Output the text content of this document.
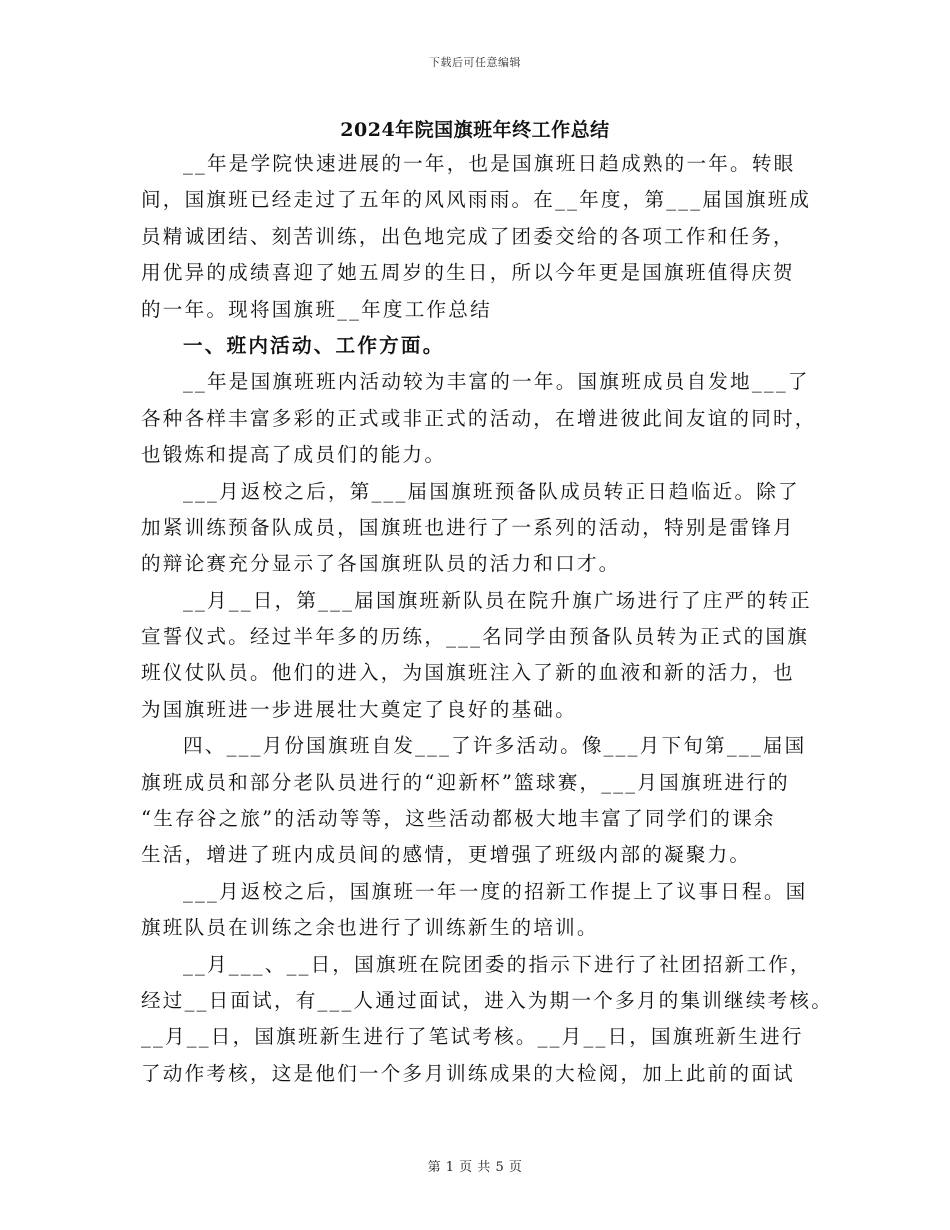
下载后可任意编辑
2024年院国旗班年终工作总结
__年是学院快速进展的一年，也是国旗班日趋成熟的一年。转眼
间，国旗班已经走过了五年的风风雨雨。在__年度，第___届国旗班成
员精诚团结、刻苦训练，出色地完成了团委交给的各项工作和任务，
用优异的成绩喜迎了她五周岁的生日，所以今年更是国旗班值得庆贺
的一年。现将国旗班__年度工作总结
一、班内活动、工作方面。
__年是国旗班班内活动较为丰富的一年。国旗班成员自发地___了
各种各样丰富多彩的正式或非正式的活动，在增进彼此间友谊的同时，
也锻炼和提高了成员们的能力。
___月返校之后，第___届国旗班预备队成员转正日趋临近。除了
加紧训练预备队成员，国旗班也进行了一系列的活动，特别是雷锋月
的辩论赛充分显示了各国旗班队员的活力和口才。
__月__日，第___届国旗班新队员在院升旗广场进行了庄严的转正
宣誓仪式。经过半年多的历练，___名同学由预备队员转为正式的国旗
班仪仗队员。他们的进入，为国旗班注入了新的血液和新的活力，也
为国旗班进一步进展壮大奠定了良好的基础。
四、___月份国旗班自发___了许多活动。像___月下旬第___届国
旗班成员和部分老队员进行的“迎新杯”篮球赛，___月国旗班进行的
“生存谷之旅”的活动等等，这些活动都极大地丰富了同学们的课余
生活，增进了班内成员间的感情，更增强了班级内部的凝聚力。
___月返校之后，国旗班一年一度的招新工作提上了议事日程。国
旗班队员在训练之余也进行了训练新生的培训。
__月___、__日，国旗班在院团委的指示下进行了社团招新工作，
经过__日面试，有___人通过面试，进入为期一个多月的集训继续考核。
__月__日，国旗班新生进行了笔试考核。__月__日，国旗班新生进行
了动作考核，这是他们一个多月训练成果的大检阅，加上此前的面试
第 1 页 共 5 页
